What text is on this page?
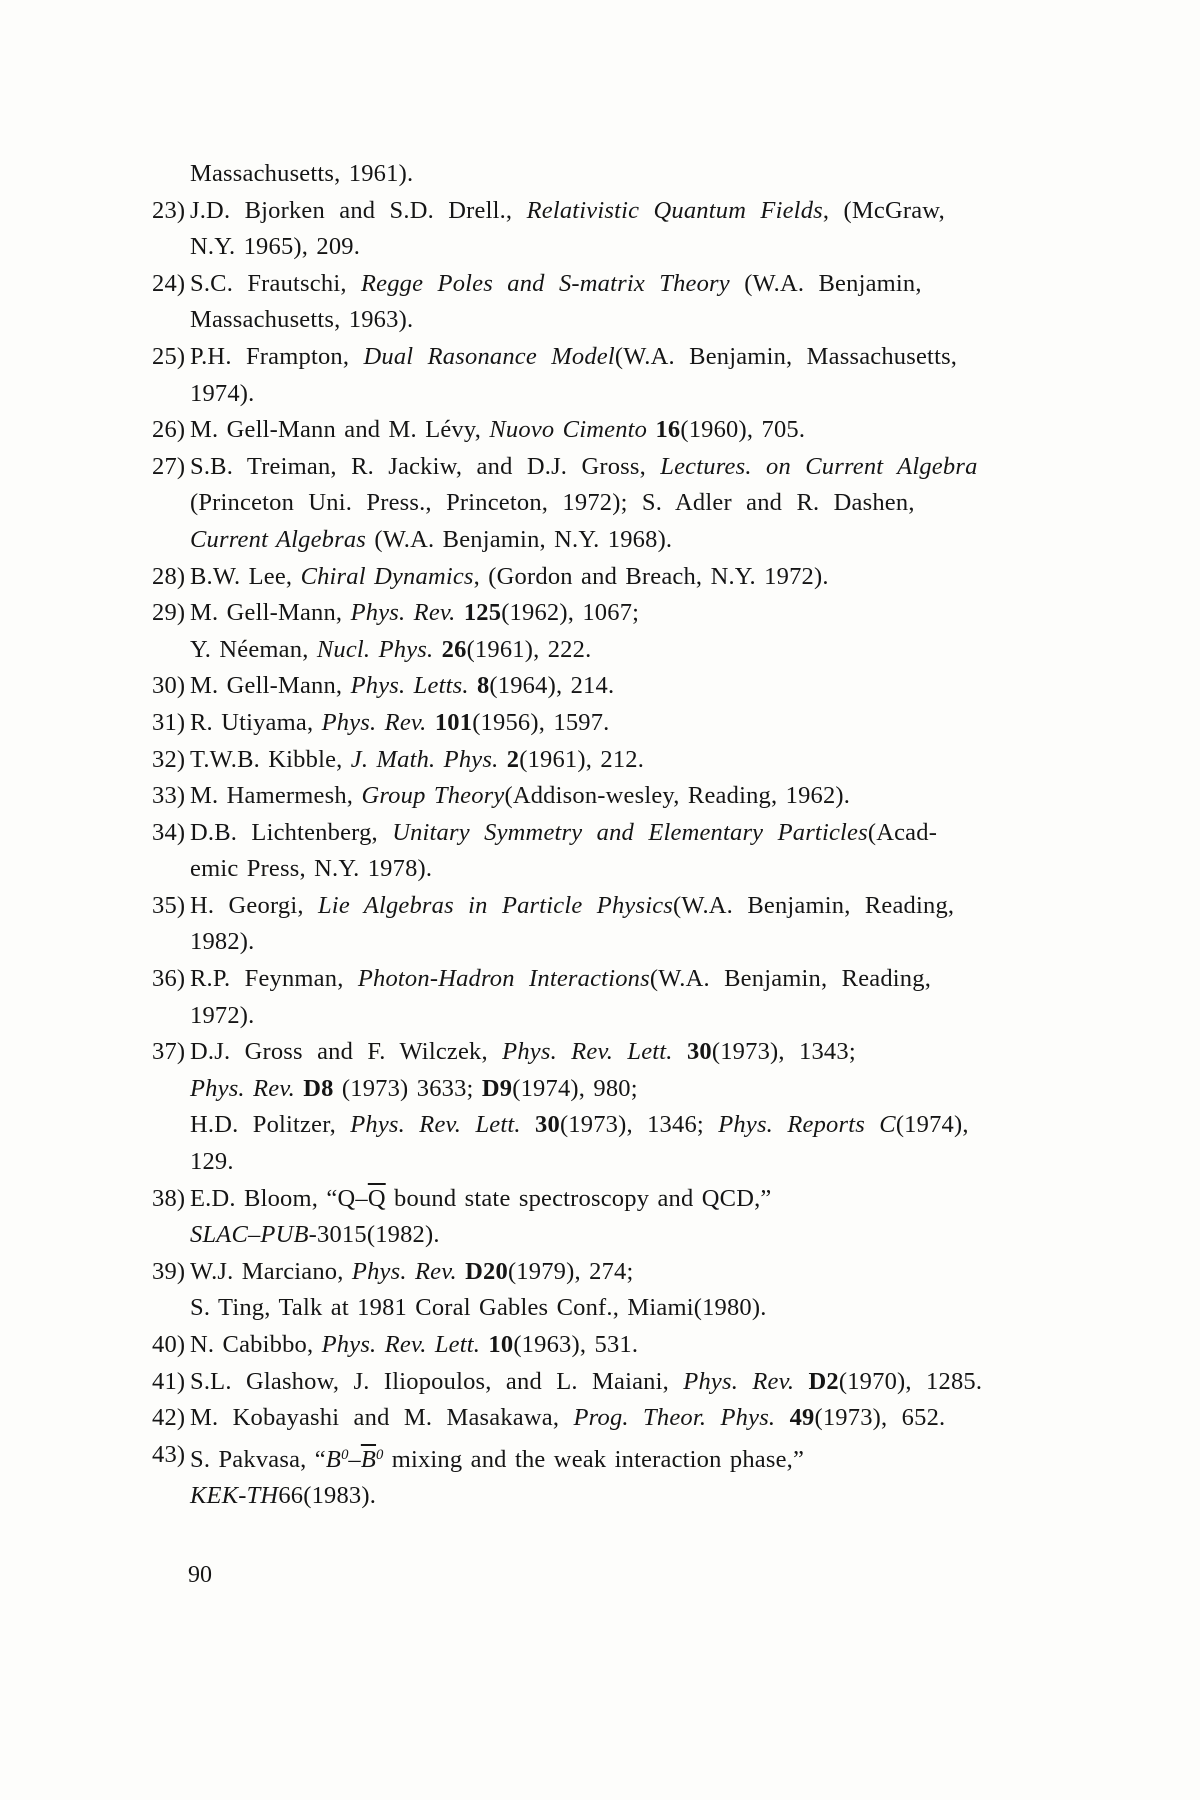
Massachusetts, 1961).
23) J.D. Bjorken and S.D. Drell., Relativistic Quantum Fields, (McGraw,
N.Y. 1965), 209.
24) S.C. Frautschi, Regge Poles and S-matrix Theory (W.A. Benjamin,
Massachusetts, 1963).
25) P.H. Frampton, Dual Rasonance Model(W.A. Benjamin, Massachusetts,
1974).
26) M. Gell-Mann and M. Lévy, Nuovo Cimento 16(1960), 705.
27) S.B. Treiman, R. Jackiw, and D.J. Gross, Lectures. on Current Algebra
(Princeton Uni. Press., Princeton, 1972); S. Adler and R. Dashen,
Current Algebras (W.A. Benjamin, N.Y. 1968).
28) B.W. Lee, Chiral Dynamics, (Gordon and Breach, N.Y. 1972).
29) M. Gell-Mann, Phys. Rev. 125(1962), 1067;
Y. Néeman, Nucl. Phys. 26(1961), 222.
30) M. Gell-Mann, Phys. Letts. 8(1964), 214.
31) R. Utiyama, Phys. Rev. 101(1956), 1597.
32) T.W.B. Kibble, J. Math. Phys. 2(1961), 212.
33) M. Hamermesh, Group Theory(Addison-wesley, Reading, 1962).
34) D.B. Lichtenberg, Unitary Symmetry and Elementary Particles(Acad-
emic Press, N.Y. 1978).
35) H. Georgi, Lie Algebras in Particle Physics(W.A. Benjamin, Reading,
1982).
36) R.P. Feynman, Photon-Hadron Interactions(W.A. Benjamin, Reading,
1972).
37) D.J. Gross and F. Wilczek, Phys. Rev. Lett. 30(1973), 1343;
Phys. Rev. D8 (1973) 3633; D9(1974), 980;
H.D. Politzer, Phys. Rev. Lett. 30(1973), 1346; Phys. Reports C(1974),
129.
38) E.D. Bloom, “$Q-\overline{Q}$ bound state spectroscopy and QCD,”
SLAC–PUB-3015(1982).
39) W.J. Marciano, Phys. Rev. D20(1979), 274;
S. Ting, Talk at 1981 Coral Gables Conf., Miami(1980).
40) N. Cabibbo, Phys. Rev. Lett. 10(1963), 531.
41) S.L. Glashow, J. Iliopoulos, and L. Maiani, Phys. Rev. D2(1970), 1285.
42) M. Kobayashi and M. Masakawa, Prog. Theor. Phys. 49(1973), 652.
43) S. Pakvasa, “$B^0-\overline{B}^0$ mixing and the weak interaction phase,”
KEK-TH66(1983).
90
